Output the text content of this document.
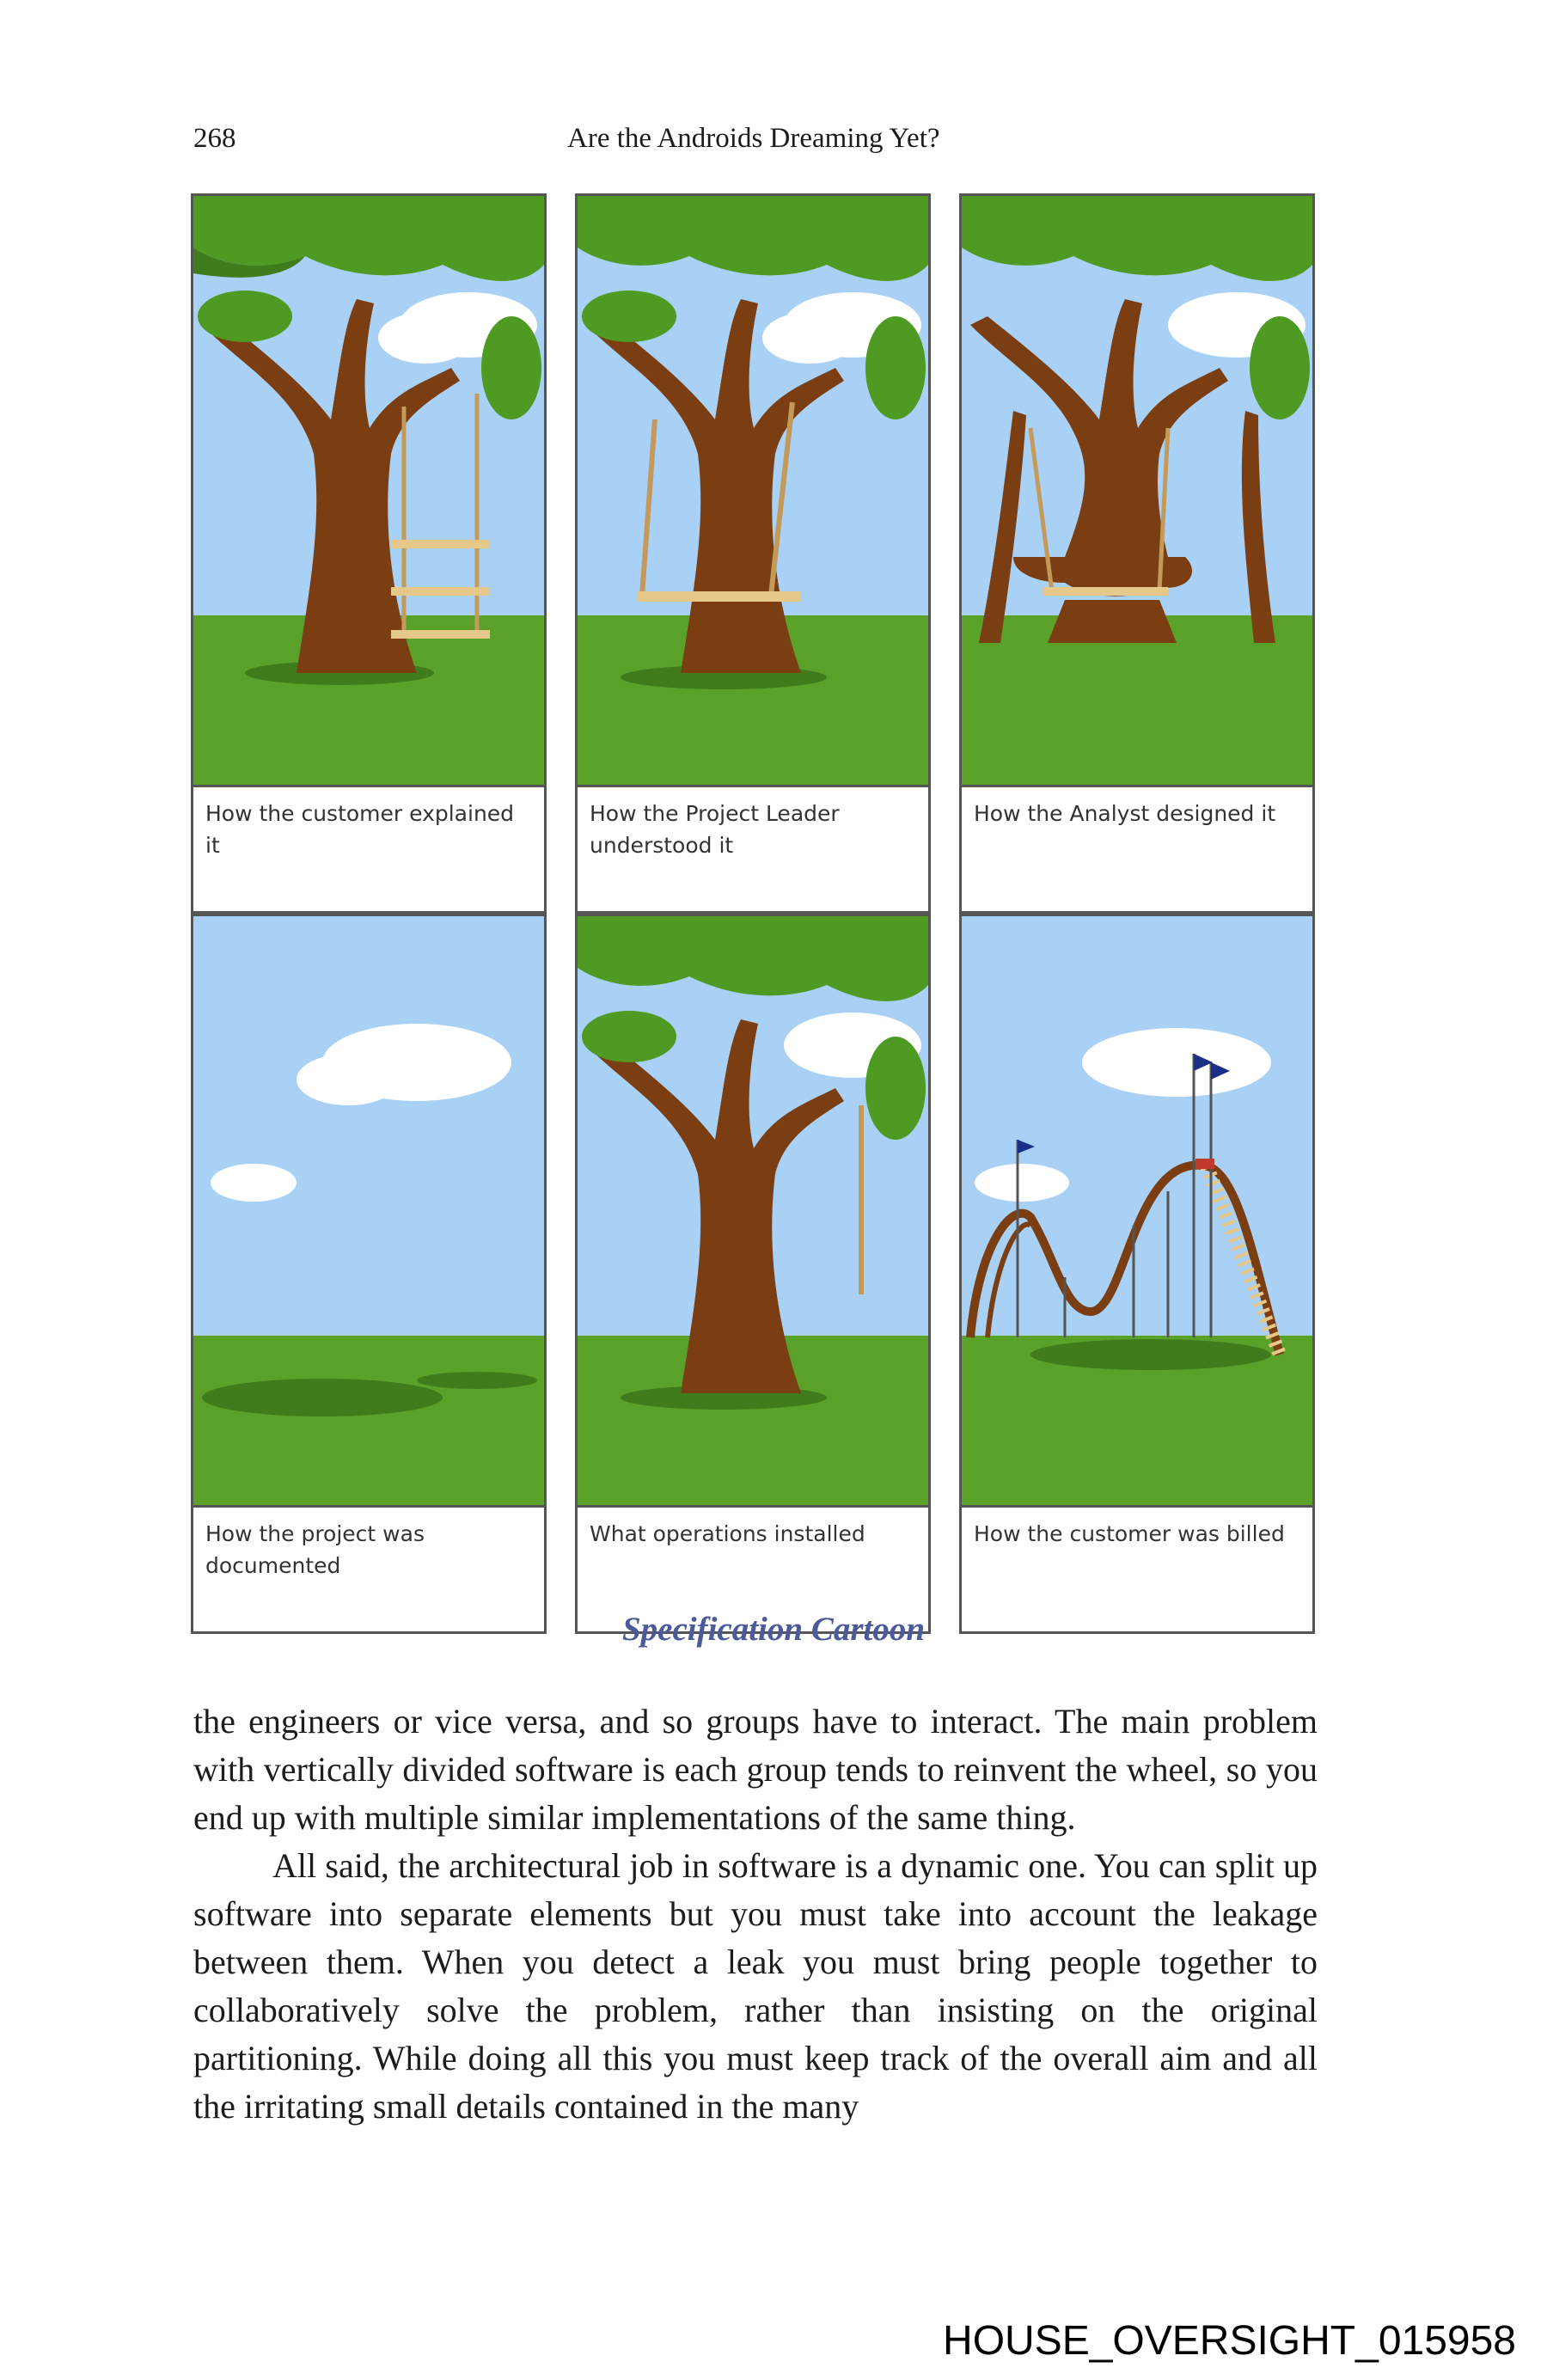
268	Are the Androids Dreaming Yet?
How the customer explained it
How the Project Leader understood it
How the Analyst designed it
How the project was documented
What operations installed	How the customer was billed
Specification Cartoon

the engineers or vice versa, and so groups have to interact. The main problem with vertically divided software is each group tends to reinvent the wheel, so you end up with multiple similar implementations of the same thing.

All said, the architectural job in software is a dynamic one. You can split up software into separate elements but you must take into account the leakage between them. When you detect a leak you must bring people together to collaboratively solve the problem, rather than insisting on the original partitioning. While doing all this you must keep track of the overall aim and all the irritating small details contained in the many

HOUSE_OVERSIGHT_015958
